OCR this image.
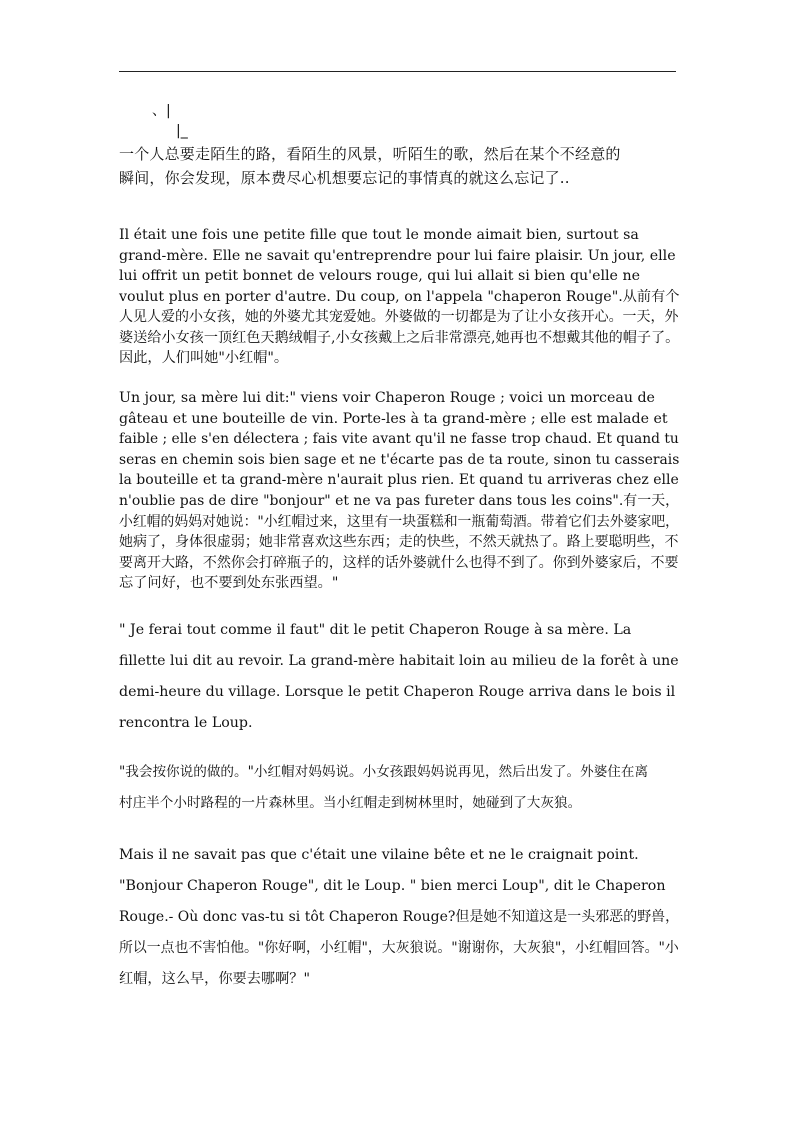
、|
|_
一个人总要走陌生的路，看陌生的风景，听陌生的歌，然后在某个不经意的
瞬间，你会发现，原本费尽心机想要忘记的事情真的就这么忘记了..
Il était une fois une petite fille que tout le monde aimait bien, surtout sa
grand-mère. Elle ne savait qu'entreprendre pour lui faire plaisir. Un jour, elle
lui offrit un petit bonnet de velours rouge, qui lui allait si bien qu'elle ne
voulut plus en porter d'autre. Du coup, on l'appela "chaperon Rouge".从前有个
人见人爱的小女孩，她的外婆尤其宠爱她。外婆做的一切都是为了让小女孩开心。一天，外
婆送给小女孩一顶红色天鹅绒帽子,小女孩戴上之后非常漂亮,她再也不想戴其他的帽子了。
因此，人们叫她"小红帽"。
Un jour, sa mère lui dit:" viens voir Chaperon Rouge ; voici un morceau de
gâteau et une bouteille de vin. Porte-les à ta grand-mère ; elle est malade et
faible ; elle s'en délectera ; fais vite avant qu'il ne fasse trop chaud. Et quand tu
seras en chemin sois bien sage et ne t'écarte pas de ta route, sinon tu casserais
la bouteille et ta grand-mère n'aurait plus rien. Et quand tu arriveras chez elle
n'oublie pas de dire "bonjour" et ne va pas fureter dans tous les coins".有一天，
小红帽的妈妈对她说："小红帽过来，这里有一块蛋糕和一瓶葡萄酒。带着它们去外婆家吧，
她病了，身体很虚弱；她非常喜欢这些东西；走的快些，不然天就热了。路上要聪明些，不
要离开大路，不然你会打碎瓶子的，这样的话外婆就什么也得不到了。你到外婆家后，不要
忘了问好，也不要到处东张西望。"
" Je ferai tout comme il faut" dit le petit Chaperon Rouge à sa mère. La
fillette lui dit au revoir. La grand-mère habitait loin au milieu de la forêt à une
demi-heure du village. Lorsque le petit Chaperon Rouge arriva dans le bois il
rencontra le Loup.
"我会按你说的做的。"小红帽对妈妈说。小女孩跟妈妈说再见，然后出发了。外婆住在离
村庄半个小时路程的一片森林里。当小红帽走到树林里时，她碰到了大灰狼。
Mais il ne savait pas que c'était une vilaine bête et ne le craignait point.
"Bonjour Chaperon Rouge", dit le Loup. " bien merci Loup", dit le Chaperon
Rouge.- Où donc vas-tu si tôt Chaperon Rouge?但是她不知道这是一头邪恶的野兽，
所以一点也不害怕他。"你好啊，小红帽"，大灰狼说。"谢谢你，大灰狼"，小红帽回答。"小
红帽，这么早，你要去哪啊？"
